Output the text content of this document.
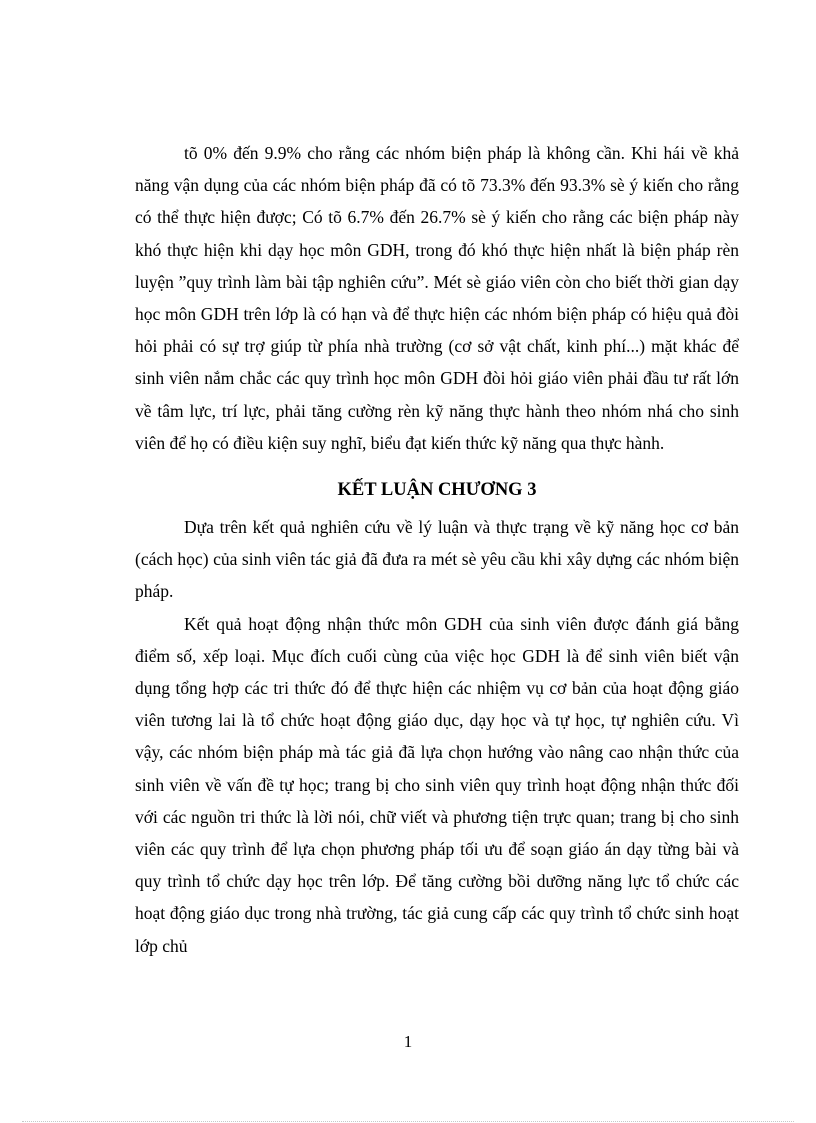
tõ 0% đến 9.9% cho rằng các nhóm biện pháp là không cần. Khi hái về khả năng vận dụng của các nhóm biện pháp đã có tõ 73.3% đến 93.3% sè ý kiến cho rằng có thể thực hiện được; Có tõ 6.7% đến 26.7% sè ý kiến cho rằng các biện pháp này khó thực hiện khi dạy học môn GDH, trong đó khó thực hiện nhất là biện pháp rèn luyện ”quy trình làm bài tập nghiên cứu”. Mét sè giáo viên còn cho biết thời gian dạy học môn GDH trên lớp là có hạn và để thực hiện các nhóm biện pháp có hiệu quả đòi hỏi phải có sự trợ giúp từ phía nhà trường (cơ sở vật chất, kinh phí...) mặt khác để sinh viên nắm chắc các quy trình học môn GDH đòi hỏi giáo viên phải đầu tư rất lớn về tâm lực, trí lực, phải tăng cường rèn kỹ năng thực hành theo nhóm nhá cho sinh viên để họ có điều kiện suy nghĩ, biểu đạt kiến thức kỹ năng qua thực hành.

KẾT LUẬN CHƯƠNG 3

Dựa trên kết quả nghiên cứu về lý luận và thực trạng về kỹ năng học cơ bản (cách học) của sinh viên tác giả đã đưa ra mét sè yêu cầu khi xây dựng các nhóm biện pháp.

Kết quả hoạt động nhận thức môn GDH của sinh viên được đánh giá bằng điểm số, xếp loại. Mục đích cuối cùng của việc học GDH là để sinh viên biết vận dụng tổng hợp các tri thức đó để thực hiện các nhiệm vụ cơ bản của hoạt động giáo viên tương lai là tổ chức hoạt động giáo dục, dạy học và tự học, tự nghiên cứu. Vì vậy, các nhóm biện pháp mà tác giả đã lựa chọn hướng vào nâng cao nhận thức của sinh viên về vấn đề tự học; trang bị cho sinh viên quy trình hoạt động nhận thức đối với các nguồn tri thức là lời nói, chữ viết và phương tiện trực quan; trang bị cho sinh viên các quy trình để lựa chọn phương pháp tối ưu để soạn giáo án dạy từng bài và quy trình tổ chức dạy học trên lớp. Để tăng cường bồi dưỡng năng lực tổ chức các hoạt động giáo dục trong nhà trường, tác giả cung cấp các quy trình tổ chức sinh hoạt lớp chủ

1
